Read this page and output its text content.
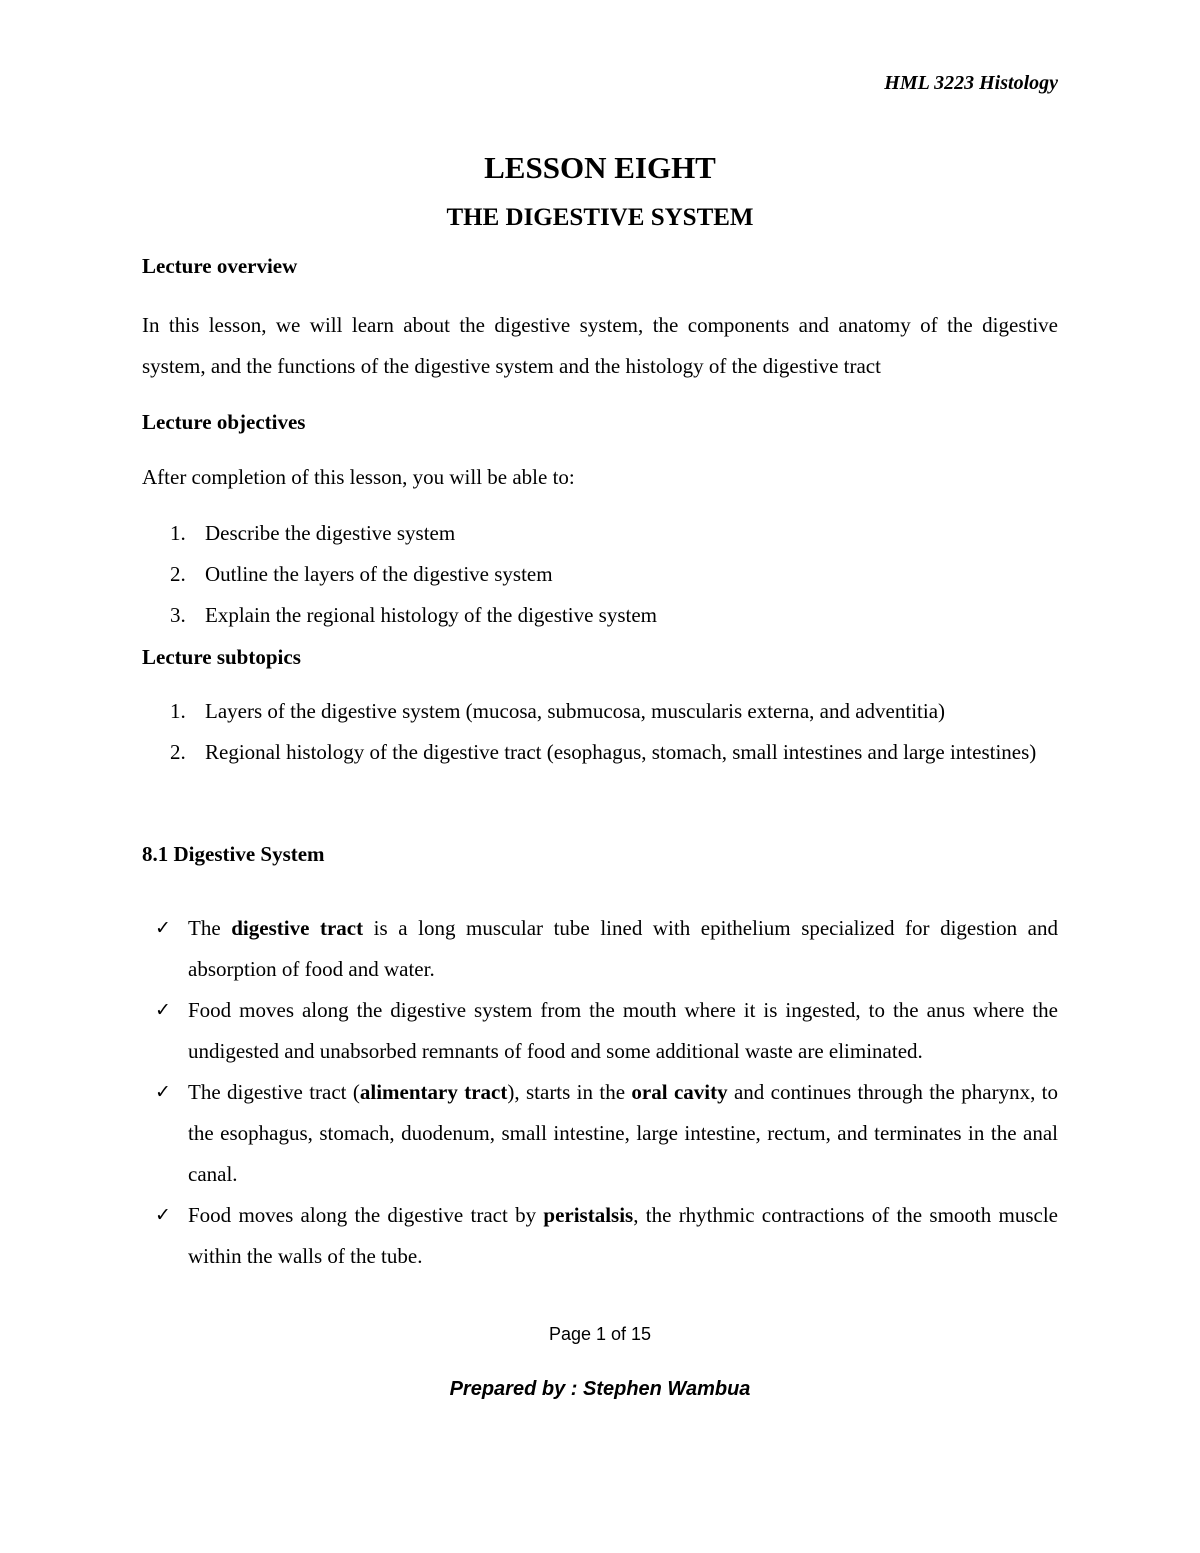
HML 3223 Histology
LESSON EIGHT
THE DIGESTIVE SYSTEM
Lecture overview
In this lesson, we will learn about the digestive system, the components and anatomy of the digestive system, and the functions of the digestive system and the histology of the digestive tract
Lecture objectives
After completion of this lesson, you will be able to:
1. Describe the digestive system
2. Outline the layers of the digestive system
3. Explain the regional histology of the digestive system
Lecture subtopics
1. Layers of the digestive system (mucosa, submucosa, muscularis externa, and adventitia)
2. Regional histology of the digestive tract (esophagus, stomach, small intestines and large intestines)
8.1 Digestive System
✓ The digestive tract is a long muscular tube lined with epithelium specialized for digestion and absorption of food and water.
✓ Food moves along the digestive system from the mouth where it is ingested, to the anus where the undigested and unabsorbed remnants of food and some additional waste are eliminated.
✓ The digestive tract (alimentary tract), starts in the oral cavity and continues through the pharynx, to the esophagus, stomach, duodenum, small intestine, large intestine, rectum, and terminates in the anal canal.
✓ Food moves along the digestive tract by peristalsis, the rhythmic contractions of the smooth muscle within the walls of the tube.
Page 1 of 15
Prepared by : Stephen Wambua
